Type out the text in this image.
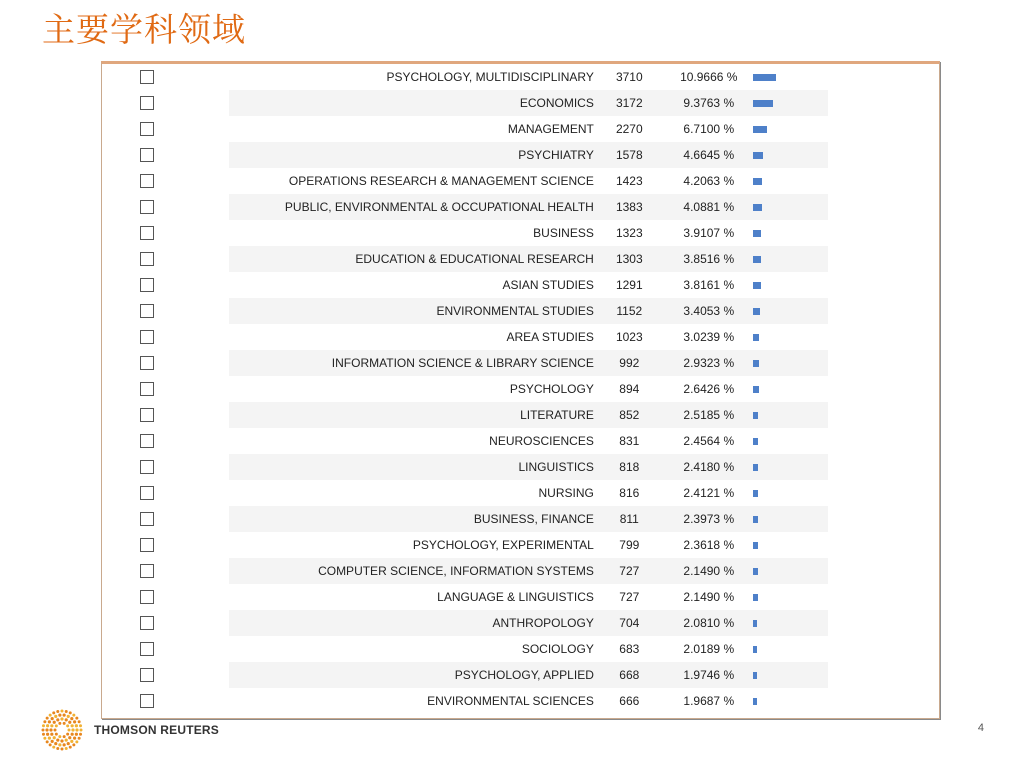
主要学科领域
	PSYCHOLOGY, MULTIDISCIPLINARY	3710	10.9666 %	

	ECONOMICS	3172	9.3763 %	

	MANAGEMENT	2270	6.7100 %	

	PSYCHIATRY	1578	4.6645 %	

	OPERATIONS RESEARCH & MANAGEMENT SCIENCE	1423	4.2063 %	

	PUBLIC, ENVIRONMENTAL & OCCUPATIONAL HEALTH	1383	4.0881 %	

	BUSINESS	1323	3.9107 %	

	EDUCATION & EDUCATIONAL RESEARCH	1303	3.8516 %	

	ASIAN STUDIES	1291	3.8161 %	

	ENVIRONMENTAL STUDIES	1152	3.4053 %	

	AREA STUDIES	1023	3.0239 %	

	INFORMATION SCIENCE & LIBRARY SCIENCE	992	2.9323 %	

	PSYCHOLOGY	894	2.6426 %	

	LITERATURE	852	2.5185 %	

	NEUROSCIENCES	831	2.4564 %	

	LINGUISTICS	818	2.4180 %	

	NURSING	816	2.4121 %	

	BUSINESS, FINANCE	811	2.3973 %	

	PSYCHOLOGY, EXPERIMENTAL	799	2.3618 %	

	COMPUTER SCIENCE, INFORMATION SYSTEMS	727	2.1490 %	

	LANGUAGE & LINGUISTICS	727	2.1490 %	

	ANTHROPOLOGY	704	2.0810 %	

	SOCIOLOGY	683	2.0189 %	

	PSYCHOLOGY, APPLIED	668	1.9746 %	

	ENVIRONMENTAL SCIENCES	666	1.9687 %	
THOMSON REUTERS	4
